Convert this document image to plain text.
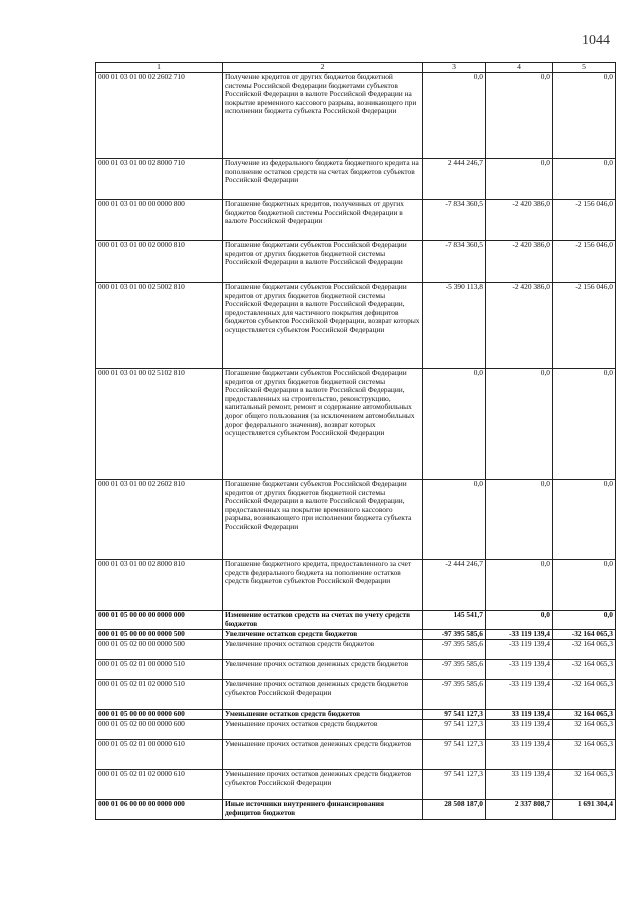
1044
1	2	3	4	5
000 01 03 01 00 02 2602 710	Получение кредитов от других бюджетов бюджетной системы Российской Федерации бюджетами субъектов Российской Федерации в валюте Российской Федерации на покрытие временного кассового разрыва, возникающего при исполнении бюджета субъекта Российской Федерации	0,0	0,0	0,0
000 01 03 01 00 02 8000 710	Получение из федерального бюджета бюджетного кредита на пополнение остатков средств на счетах бюджетов субъектов Российской Федерации	2 444 246,7	0,0	0,0
000 01 03 01 00 00 0000 800	Погашение бюджетных кредитов, полученных от других бюджетов бюджетной системы Российской Федерации в валюте Российской Федерации	-7 834 360,5	-2 420 386,0	-2 156 046,0
000 01 03 01 00 02 0000 810	Погашение бюджетами субъектов Российской Федерации кредитов от других бюджетов бюджетной системы Российской Федерации в валюте Российской Федерации	-7 834 360,5	-2 420 386,0	-2 156 046,0
000 01 03 01 00 02 5002 810	Погашение бюджетами субъектов Российской Федерации кредитов от других бюджетов бюджетной системы Российской Федерации в валюте Российской Федерации, предоставленных для частичного покрытия дефицитов бюджетов субъектов Российской Федерации, возврат которых осуществляется субъектом Российской Федерации	-5 390 113,8	-2 420 386,0	-2 156 046,0
000 01 03 01 00 02 5102 810	Погашение бюджетами субъектов Российской Федерации кредитов от других бюджетов бюджетной системы Российской Федерации в валюте Российской Федерации, предоставленных на строительство, реконструкцию, капитальный ремонт, ремонт и содержание автомобильных дорог общего пользования (за исключением автомобильных дорог федерального значения), возврат которых осуществляется субъектом Российской Федерации	0,0	0,0	0,0
000 01 03 01 00 02 2602 810	Погашение бюджетами субъектов Российской Федерации кредитов от других бюджетов бюджетной системы Российской Федерации в валюте Российской Федерации, предоставленных на покрытие временного кассового разрыва, возникающего при исполнении бюджета субъекта Российской Федерации	0,0	0,0	0,0
000 01 03 01 00 02 8000 810	Погашение бюджетного кредита, предоставленного за счет средств федерального бюджета на пополнение остатков средств бюджетов субъектов Российской Федерации	-2 444 246,7	0,0	0,0
000 01 05 00 00 00 0000 000	Изменение остатков средств на счетах по учету средств бюджетов	145 541,7	0,0	0,0
000 01 05 00 00 00 0000 500	Увеличение остатков средств бюджетов	-97 395 585,6	-33 119 139,4	-32 164 065,3
000 01 05 02 00 00 0000 500	Увеличение прочих остатков средств бюджетов	-97 395 585,6	-33 119 139,4	-32 164 065,3
000 01 05 02 01 00 0000 510	Увеличение прочих остатков денежных средств бюджетов	-97 395 585,6	-33 119 139,4	-32 164 065,3
000 01 05 02 01 02 0000 510	Увеличение прочих остатков денежных средств бюджетов субъектов Российской Федерации	-97 395 585,6	-33 119 139,4	-32 164 065,3
000 01 05 00 00 00 0000 600	Уменьшение остатков средств бюджетов	97 541 127,3	33 119 139,4	32 164 065,3
000 01 05 02 00 00 0000 600	Уменьшение прочих остатков средств бюджетов	97 541 127,3	33 119 139,4	32 164 065,3
000 01 05 02 01 00 0000 610	Уменьшение прочих остатков денежных средств бюджетов	97 541 127,3	33 119 139,4	32 164 065,3
000 01 05 02 01 02 0000 610	Уменьшение прочих остатков денежных средств бюджетов субъектов Российской Федерации	97 541 127,3	33 119 139,4	32 164 065,3
000 01 06 00 00 00 0000 000	Иные источники внутреннего финансирования дефицитов бюджетов	28 508 187,0	2 337 808,7	1 691 304,4
